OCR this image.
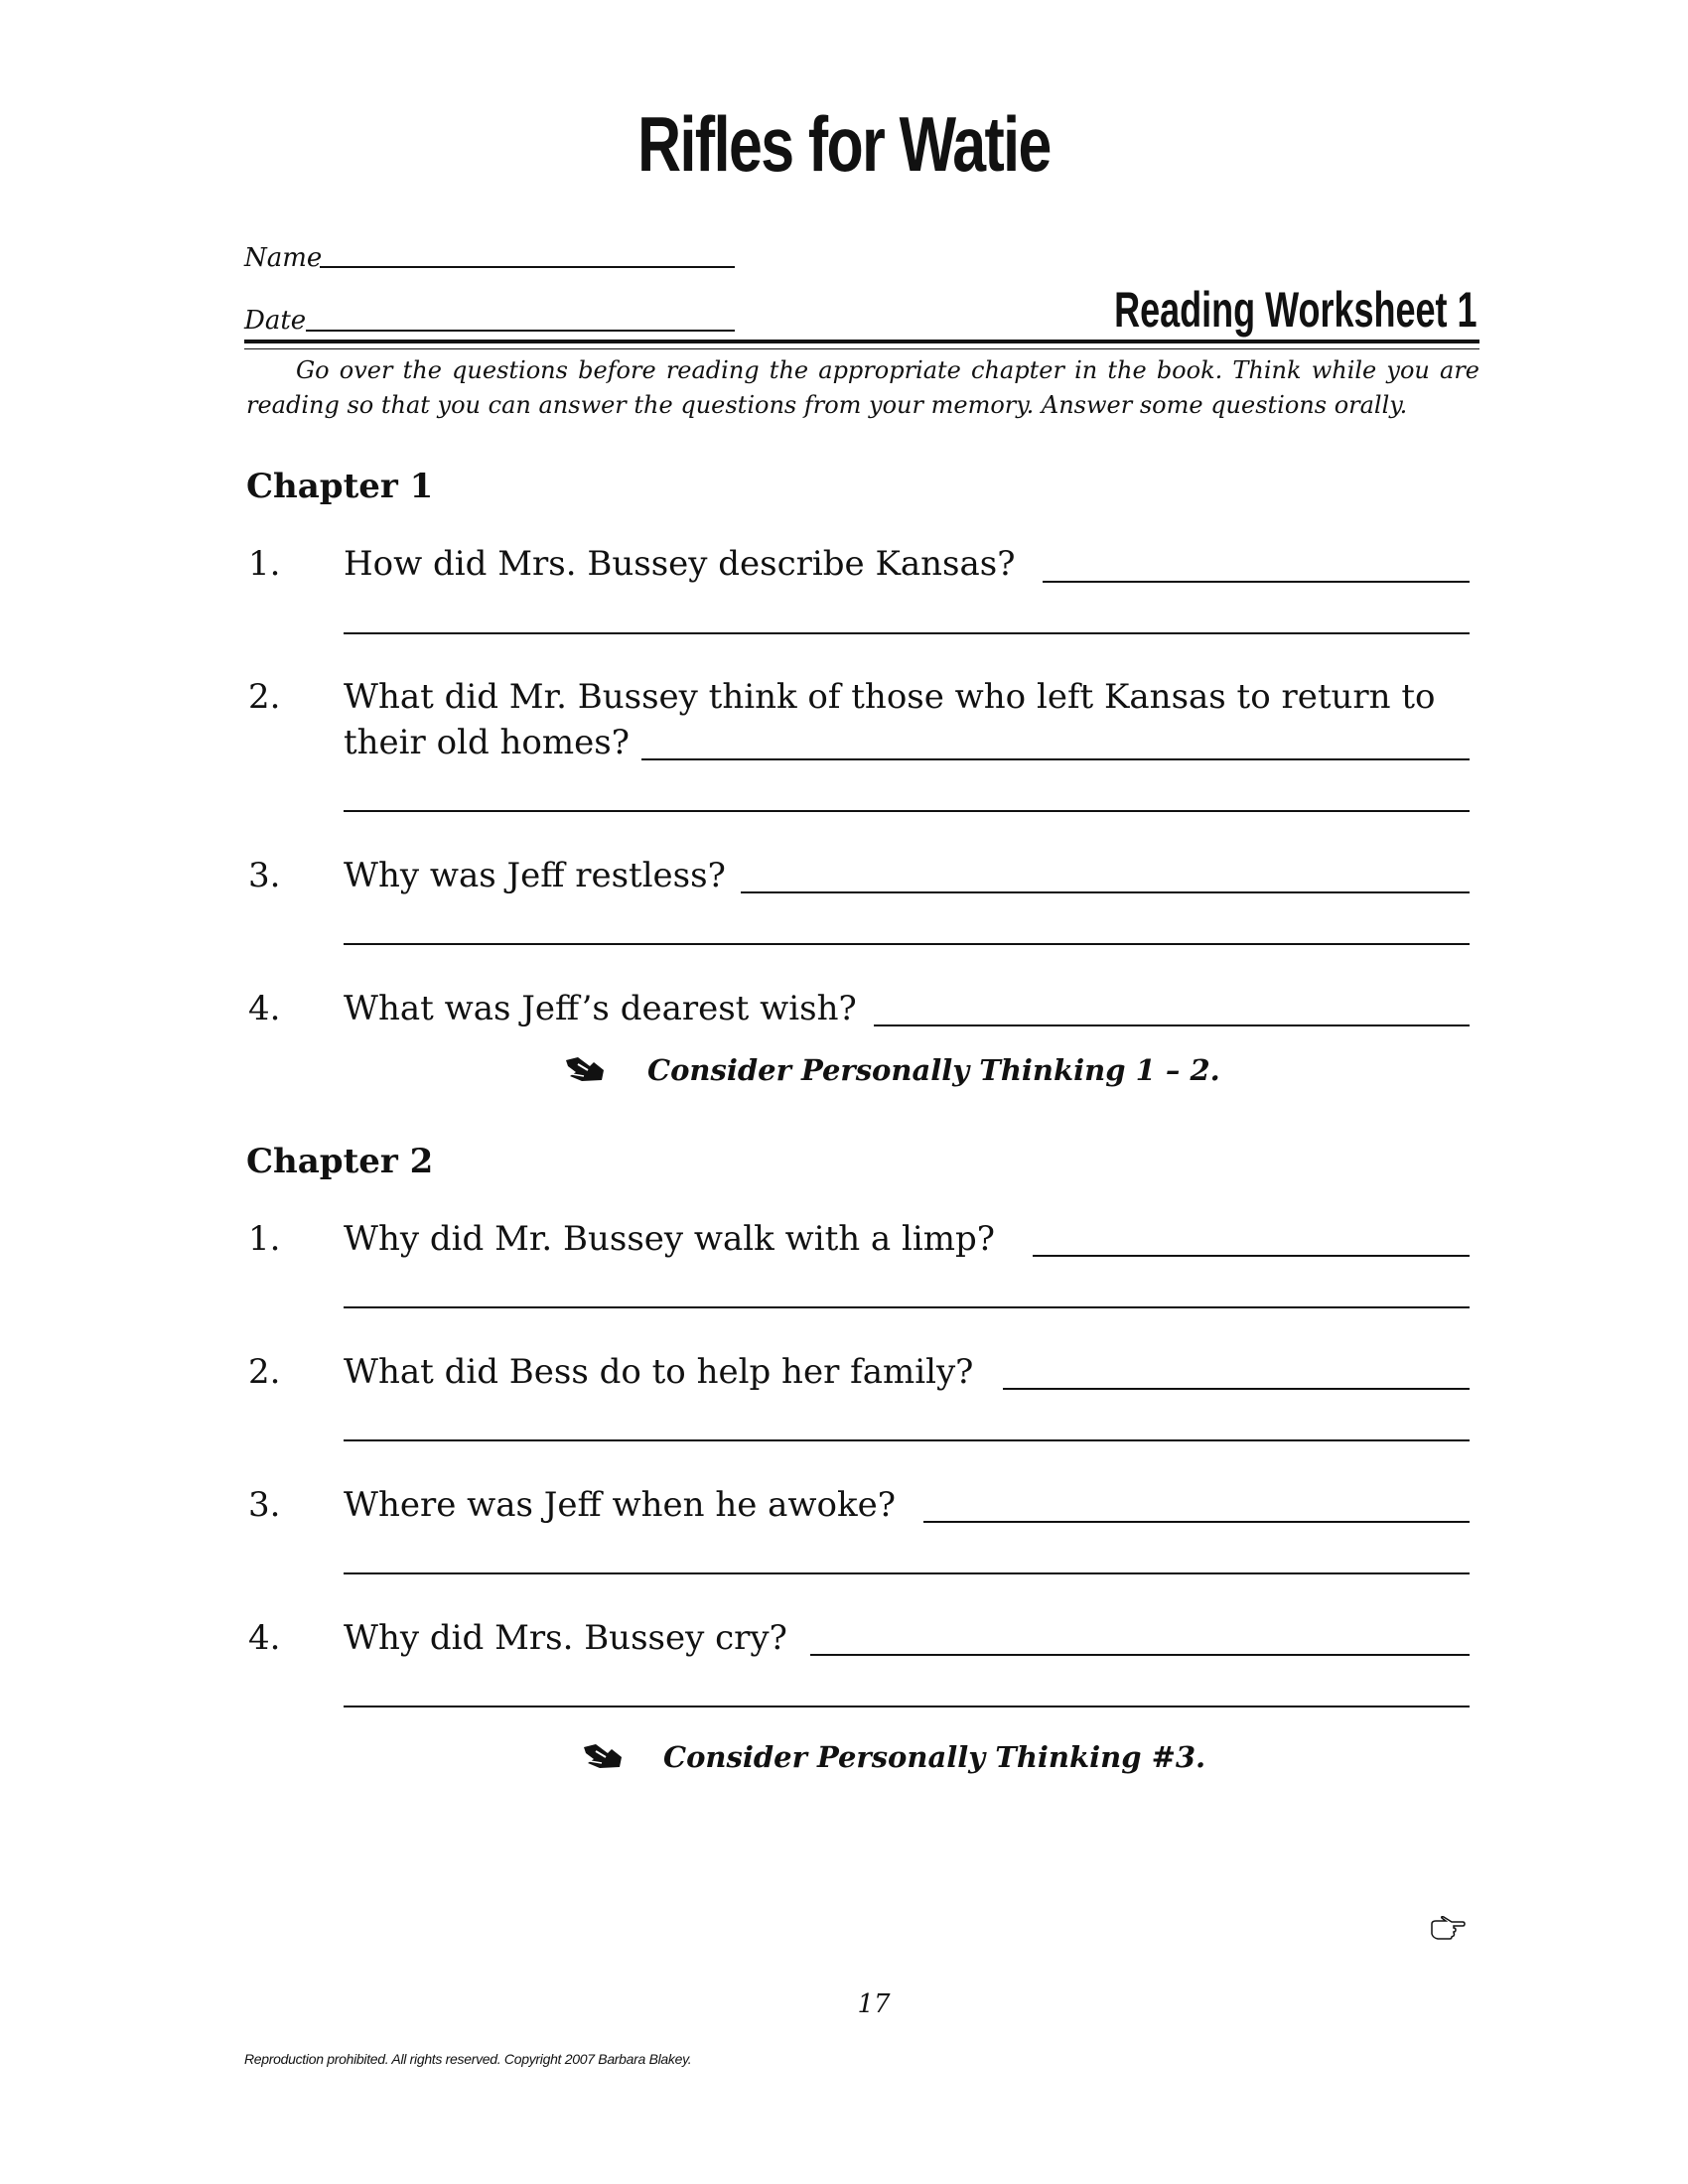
Rifles for Watie
Name
Date	Reading Worksheet 1
Go over the questions before reading the appropriate chapter in the book. Think while you are reading so that you can answer the questions from your memory. Answer some questions orally.
Chapter 1
1. How did Mrs. Bussey describe Kansas?
2. What did Mr. Bussey think of those who left Kansas to return to
their old homes?
3. Why was Jeff restless?
4. What was Jeff’s dearest wish?
Consider Personally Thinking 1 – 2.
Chapter 2
1. Why did Mr. Bussey walk with a limp?
2. What did Bess do to help her family?
3. Where was Jeff when he awoke?
4. Why did Mrs. Bussey cry?
Consider Personally Thinking #3.
17
Reproduction prohibited. All rights reserved. Copyright 2007 Barbara Blakey.
